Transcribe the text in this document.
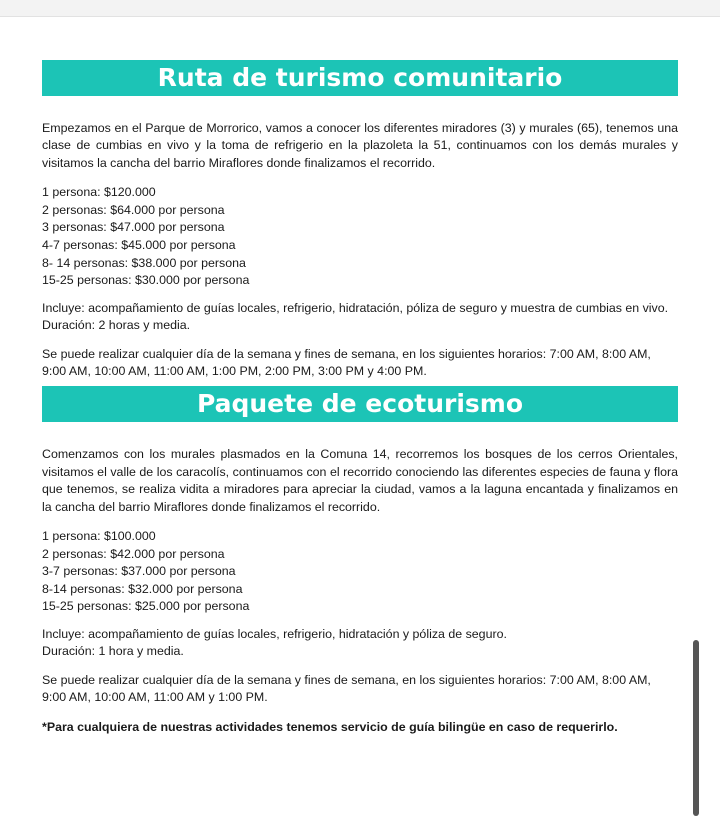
Ruta de turismo comunitario

Empezamos en el Parque de Morrorico, vamos a conocer los diferentes miradores (3) y murales (65), tenemos una clase de cumbias en vivo y la toma de refrigerio en la plazoleta la 51, continuamos con los demás murales y visitamos la cancha del barrio Miraflores donde finalizamos el recorrido.

1 persona: $120.000
2 personas: $64.000 por persona
3 personas: $47.000 por persona
4-7 personas: $45.000 por persona
8- 14 personas: $38.000 por persona
15-25 personas: $30.000 por persona

Incluye: acompañamiento de guías locales, refrigerio, hidratación, póliza de seguro y muestra de cumbias en vivo.

Duración: 2 horas y media.

Se puede realizar cualquier día de la semana y fines de semana, en los siguientes horarios: 7:00 AM, 8:00 AM, 9:00 AM, 10:00 AM, 11:00 AM, 1:00 PM, 2:00 PM, 3:00 PM y 4:00 PM.

Paquete de ecoturismo

Comenzamos con los murales plasmados en la Comuna 14, recorremos los bosques de los cerros Orientales, visitamos el valle de los caracolís, continuamos con el recorrido conociendo las diferentes especies de fauna y flora que tenemos, se realiza vidita a miradores para apreciar la ciudad, vamos a la laguna encantada y finalizamos en la cancha del barrio Miraflores donde finalizamos el recorrido.

1 persona: $100.000
2 personas: $42.000 por persona
3-7 personas: $37.000 por persona
8-14 personas: $32.000 por persona
15-25 personas: $25.000 por persona

Incluye: acompañamiento de guías locales, refrigerio, hidratación y póliza de seguro.

Duración: 1 hora y media.

Se puede realizar cualquier día de la semana y fines de semana, en los siguientes horarios: 7:00 AM, 8:00 AM, 9:00 AM, 10:00 AM, 11:00 AM y 1:00 PM.

*Para cualquiera de nuestras actividades tenemos servicio de guía bilingüe en caso de requerirlo.
